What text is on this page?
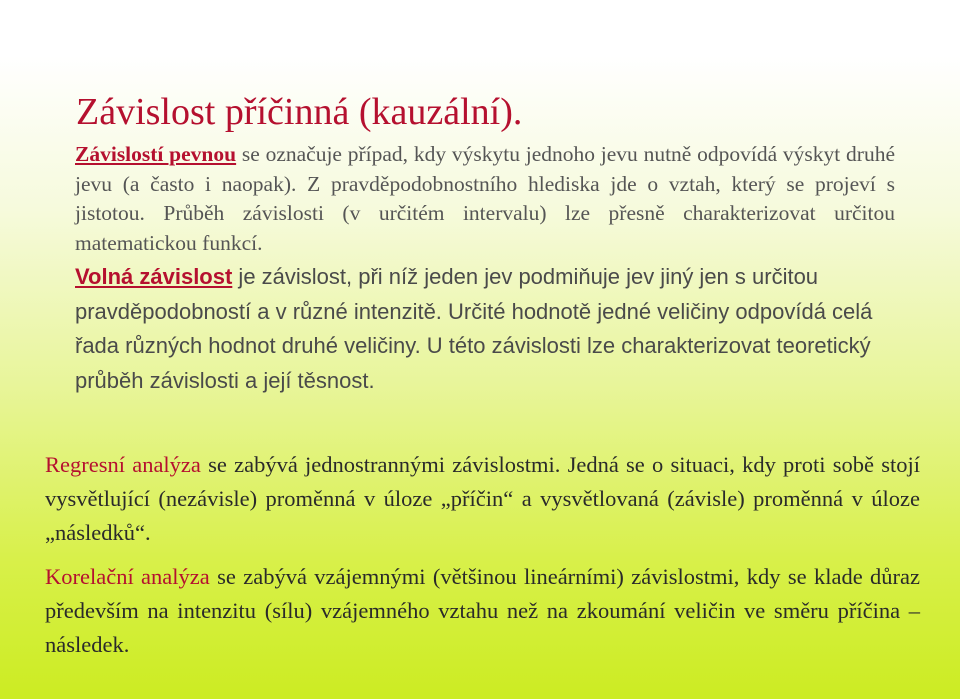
Závislost příčinná (kauzální).

Závislostí pevnou se označuje případ, kdy výskytu jednoho jevu nutně odpovídá výskyt druhé jevu (a často i naopak). Z pravděpodobnostního hlediska jde o vztah, který se projeví s jistotou. Průběh závislosti (v určitém intervalu) lze přesně charakterizovat určitou matematickou funkcí.

Volná závislost je závislost, při níž jeden jev podmiňuje jev jiný jen s určitou pravděpodobností a v různé intenzitě. Určité hodnotě jedné veličiny odpovídá celá řada různých hodnot druhé veličiny. U této závislosti lze charakterizovat teoretický průběh závislosti a její těsnost.

Regresní analýza se zabývá jednostrannými závislostmi. Jedná se o situaci, kdy proti sobě stojí vysvětlující (nezávisle) proměnná v úloze „příčin“ a vysvětlovaná (závisle) proměnná v úloze „následků“.

Korelační analýza se zabývá vzájemnými (většinou lineárními) závislostmi, kdy se klade důraz především na intenzitu (sílu) vzájemného vztahu než na zkoumání veličin ve směru příčina – následek.
